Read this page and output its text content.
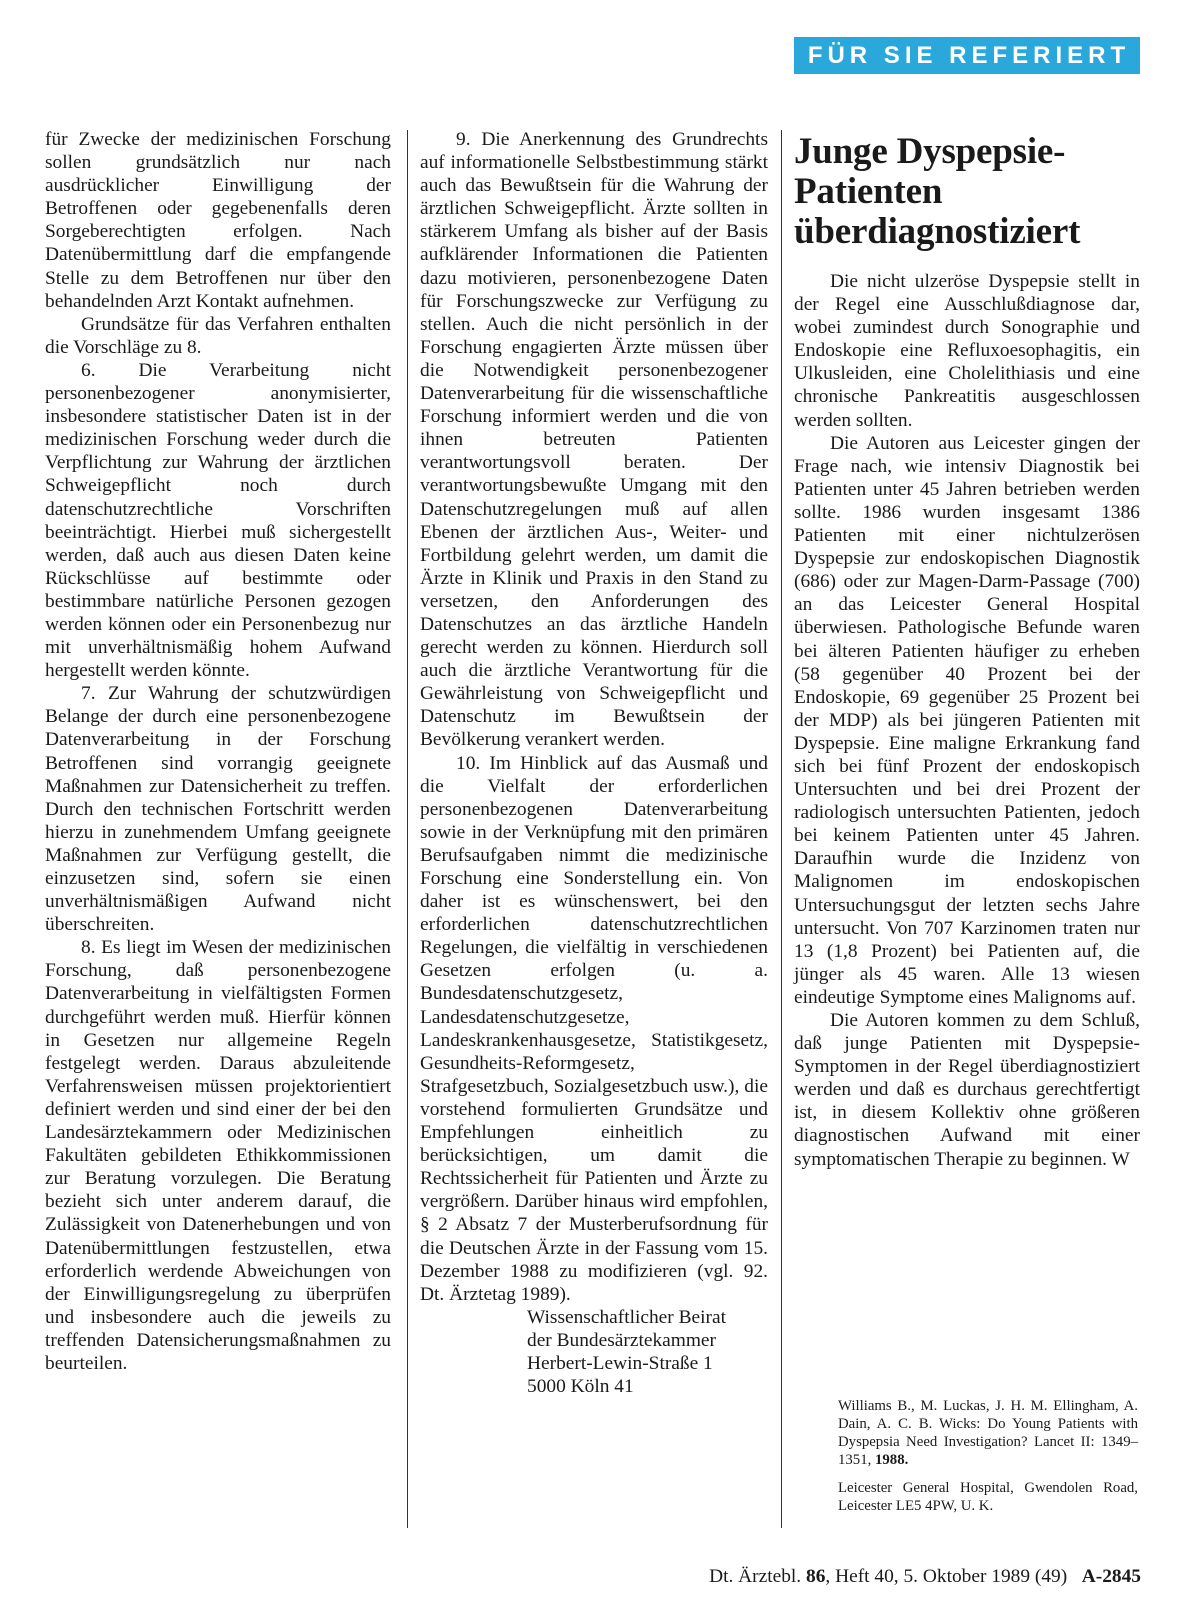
FÜR SIE REFERIERT

für Zwecke der medizinischen Forschung sollen grundsätzlich nur nach ausdrücklicher Einwilligung der Betroffenen oder gegebenenfalls deren Sorgeberechtigten erfolgen. Nach Datenübermittlung darf die empfangende Stelle zu dem Betroffenen nur über den behandelnden Arzt Kontakt aufnehmen.

Grundsätze für das Verfahren enthalten die Vorschläge zu 8.

6. Die Verarbeitung nicht personenbezogener anonymisierter, insbesondere statistischer Daten ist in der medizinischen Forschung weder durch die Verpflichtung zur Wahrung der ärztlichen Schweigepflicht noch durch datenschutzrechtliche Vorschriften beeinträchtigt. Hierbei muß sichergestellt werden, daß auch aus diesen Daten keine Rückschlüsse auf bestimmte oder bestimmbare natürliche Personen gezogen werden können oder ein Personenbezug nur mit unverhältnismäßig hohem Aufwand hergestellt werden könnte.

7. Zur Wahrung der schutzwürdigen Belange der durch eine personenbezogene Datenverarbeitung in der Forschung Betroffenen sind vorrangig geeignete Maßnahmen zur Datensicherheit zu treffen. Durch den technischen Fortschritt werden hierzu in zunehmendem Umfang geeignete Maßnahmen zur Verfügung gestellt, die einzusetzen sind, sofern sie einen unverhältnismäßigen Aufwand nicht überschreiten.

8. Es liegt im Wesen der medizinischen Forschung, daß personenbezogene Datenverarbeitung in vielfältigsten Formen durchgeführt werden muß. Hierfür können in Gesetzen nur allgemeine Regeln festgelegt werden. Daraus abzuleitende Verfahrensweisen müssen projektorientiert definiert werden und sind einer der bei den Landesärztekammern oder Medizinischen Fakultäten gebildeten Ethikkommissionen zur Beratung vorzulegen. Die Beratung bezieht sich unter anderem darauf, die Zulässigkeit von Datenerhebungen und von Datenübermittlungen festzustellen, etwa erforderlich werdende Abweichungen von der Einwilligungsregelung zu überprüfen und insbesondere auch die jeweils zu treffenden Datensicherungsmaßnahmen zu beurteilen.

9. Die Anerkennung des Grundrechts auf informationelle Selbstbestimmung stärkt auch das Bewußtsein für die Wahrung der ärztlichen Schweigepflicht. Ärzte sollten in stärkerem Umfang als bisher auf der Basis aufklärender Informationen die Patienten dazu motivieren, personenbezogene Daten für Forschungszwecke zur Verfügung zu stellen. Auch die nicht persönlich in der Forschung engagierten Ärzte müssen über die Notwendigkeit personenbezogener Datenverarbeitung für die wissenschaftliche Forschung informiert werden und die von ihnen betreuten Patienten verantwortungsvoll beraten. Der verantwortungsbewußte Umgang mit den Datenschutzregelungen muß auf allen Ebenen der ärztlichen Aus-, Weiter- und Fortbildung gelehrt werden, um damit die Ärzte in Klinik und Praxis in den Stand zu versetzen, den Anforderungen des Datenschutzes an das ärztliche Handeln gerecht werden zu können. Hierdurch soll auch die ärztliche Verantwortung für die Gewährleistung von Schweigepflicht und Datenschutz im Bewußtsein der Bevölkerung verankert werden.

10. Im Hinblick auf das Ausmaß und die Vielfalt der erforderlichen personenbezogenen Datenverarbeitung sowie in der Verknüpfung mit den primären Berufsaufgaben nimmt die medizinische Forschung eine Sonderstellung ein. Von daher ist es wünschenswert, bei den erforderlichen datenschutzrechtlichen Regelungen, die vielfältig in verschiedenen Gesetzen erfolgen (u. a. Bundesdatenschutzgesetz, Landesdatenschutzgesetze, Landeskrankenhausgesetze, Statistikgesetz, Gesundheits-Reformgesetz, Strafgesetzbuch, Sozialgesetzbuch usw.), die vorstehend formulierten Grundsätze und Empfehlungen einheitlich zu berücksichtigen, um damit die Rechtssicherheit für Patienten und Ärzte zu vergrößern. Darüber hinaus wird empfohlen, § 2 Absatz 7 der Musterberufsordnung für die Deutschen Ärzte in der Fassung vom 15. Dezember 1988 zu modifizieren (vgl. 92. Dt. Ärztetag 1989).

Wissenschaftlicher Beirat
der Bundesärztekammer
Herbert-Lewin-Straße 1
5000 Köln 41
Junge Dyspepsie-Patienten überdiagnostiziert

Die nicht ulzeröse Dyspepsie stellt in der Regel eine Ausschlußdiagnose dar, wobei zumindest durch Sonographie und Endoskopie eine Refluxoesophagitis, ein Ulkusleiden, eine Cholelithiasis und eine chronische Pankreatitis ausgeschlossen werden sollten.

Die Autoren aus Leicester gingen der Frage nach, wie intensiv Diagnostik bei Patienten unter 45 Jahren betrieben werden sollte. 1986 wurden insgesamt 1386 Patienten mit einer nichtulzerösen Dyspepsie zur endoskopischen Diagnostik (686) oder zur Magen-Darm-Passage (700) an das Leicester General Hospital überwiesen. Pathologische Befunde waren bei älteren Patienten häufiger zu erheben (58 gegenüber 40 Prozent bei der Endoskopie, 69 gegenüber 25 Prozent bei der MDP) als bei jüngeren Patienten mit Dyspepsie. Eine maligne Erkrankung fand sich bei fünf Prozent der endoskopisch Untersuchten und bei drei Prozent der radiologisch untersuchten Patienten, jedoch bei keinem Patienten unter 45 Jahren. Daraufhin wurde die Inzidenz von Malignomen im endoskopischen Untersuchungsgut der letzten sechs Jahre untersucht. Von 707 Karzinomen traten nur 13 (1,8 Prozent) bei Patienten auf, die jünger als 45 waren. Alle 13 wiesen eindeutige Symptome eines Malignoms auf.

Die Autoren kommen zu dem Schluß, daß junge Patienten mit Dyspepsie-Symptomen in der Regel überdiagnostiziert werden und daß es durchaus gerechtfertigt ist, in diesem Kollektiv ohne größeren diagnostischen Aufwand mit einer symptomatischen Therapie zu beginnen. W

Williams B., M. Luckas, J. H. M. Ellingham, A. Dain, A. C. B. Wicks: Do Young Patients with Dyspepsia Need Investigation? Lancet II: 1349–1351, 1988.

Leicester General Hospital, Gwendolen Road, Leicester LE5 4PW, U. K.

Dt. Ärztebl. 86, Heft 40, 5. Oktober 1989 (49) A-2845
